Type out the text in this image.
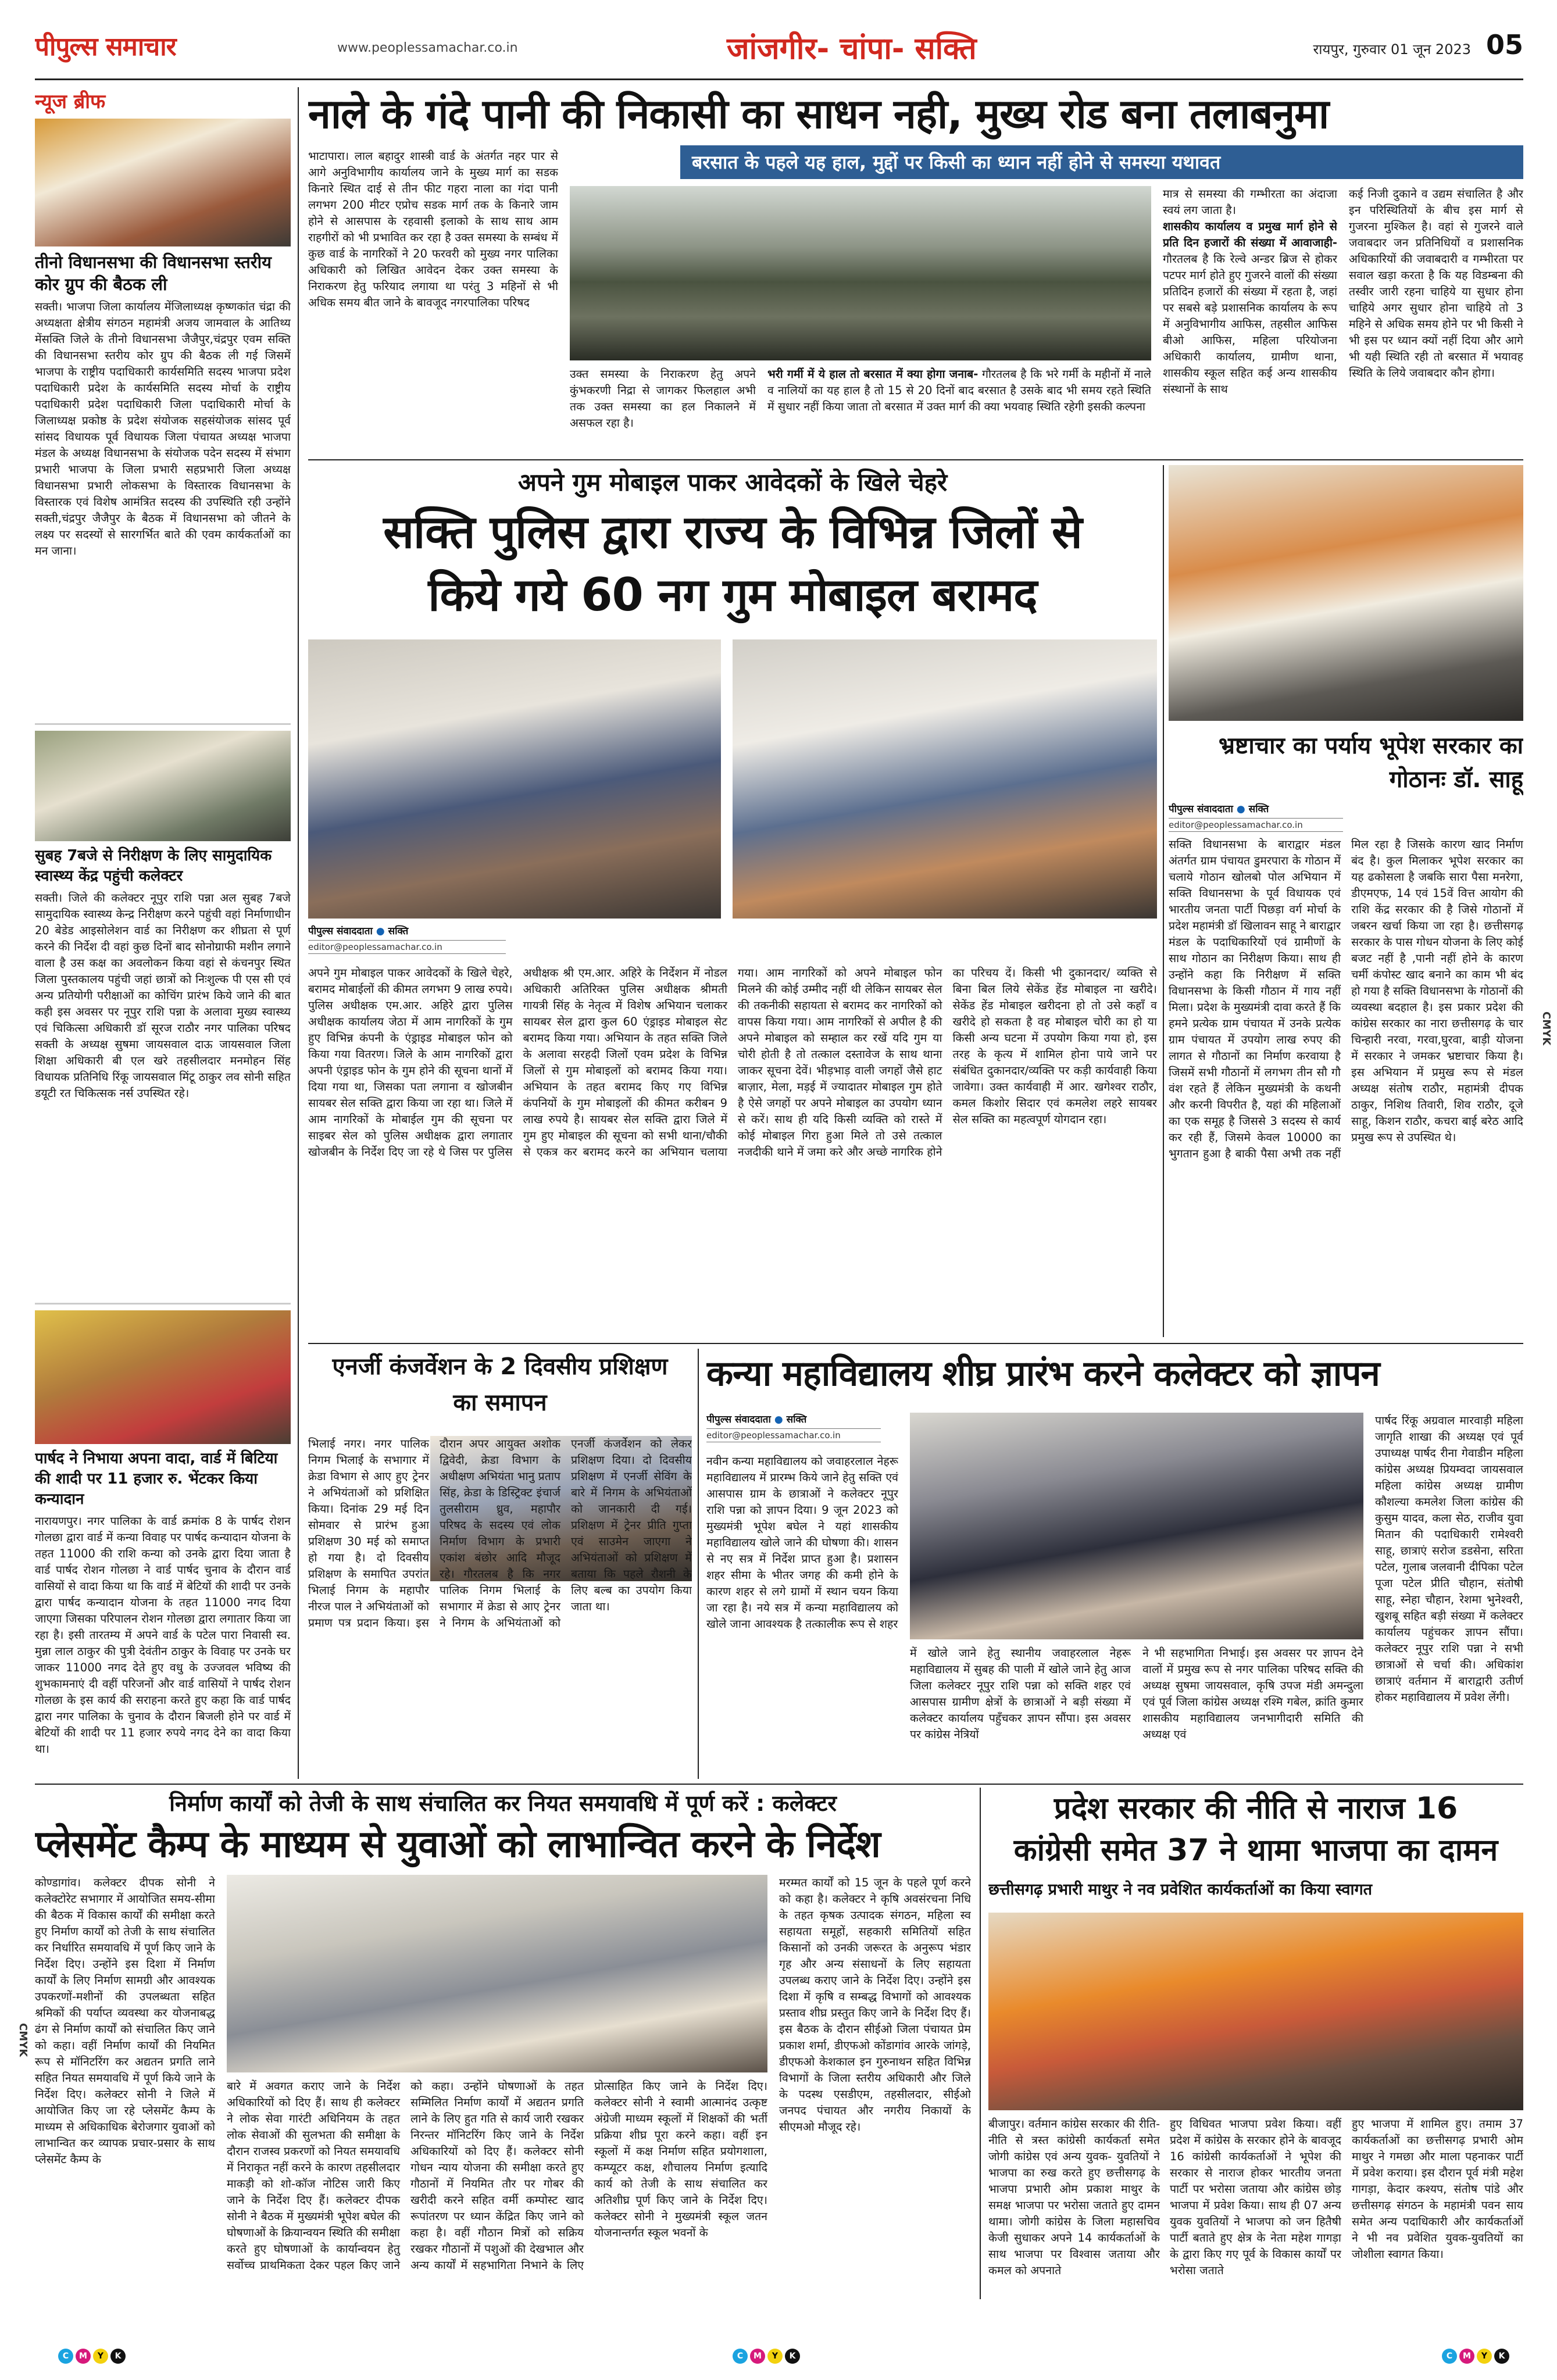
पीपुल्स समाचार	www.peoplessamachar.co.in	जांजगीर- चांपा- सक्ति	रायपुर, गुरुवार 01 जून 2023 05
न्यूज ब्रीफ
तीनो विधानसभा की विधानसभा स्तरीय कोर ग्रुप की बैठक ली
सक्ती। भाजपा जिला कार्यालय मेंजिलाध्यक्ष कृष्णकांत चंद्रा की अध्यक्षता क्षेत्रीय संगठन महामंत्री अजय जामवाल के आतिथ्य मेंसक्ति जिले के तीनो विधानसभा जैजैपुर,चंद्रपुर एवम सक्ति की विधानसभा स्तरीय कोर ग्रुप की बैठक ली गई जिसमें भाजपा के राष्ट्रीय पदाधिकारी कार्यसमिति सदस्य भाजपा प्रदेश पदाधिकारी प्रदेश के कार्यसमिति सदस्य मोर्चा के राष्ट्रीय पदाधिकारी प्रदेश पदाधिकारी जिला पदाधिकारी मोर्चा के जिलाध्यक्ष प्रकोष्ठ के प्रदेश संयोजक सहसंयोजक सांसद पूर्व सांसद विधायक पूर्व विधायक जिला पंचायत अध्यक्ष भाजपा मंडल के अध्यक्ष विधानसभा के संयोजक पदेन सदस्य में संभाग प्रभारी भाजपा के जिला प्रभारी सहप्रभारी जिला अध्यक्ष विधानसभा प्रभारी लोकसभा के विस्तारक विधानसभा के विस्तारक एवं विशेष आमंत्रित सदस्य की उपस्थिति रही उन्होंने सक्ती,चंद्रपुर जैजैपुर के बैठक में विधानसभा को जीतने के लक्ष्य पर सदस्यों से सारगर्भित बाते की एवम कार्यकर्ताओं का मन जाना।
सुबह 7बजे से निरीक्षण के लिए सामुदायिक स्वास्थ्य केंद्र पहुंची कलेक्टर
सक्ती। जिले की कलेक्टर नूपुर राशि पन्ना अल सुबह 7बजे सामुदायिक स्वास्थ्य केन्द्र निरीक्षण करने पहुंची वहां निर्माणाधीन 20 बेडेड आइसोलेशन वार्ड का निरीक्षण कर शीघ्रता से पूर्ण करने की निर्देश दी वहां कुछ दिनों बाद सोनोग्राफी मशीन लगाने वाला है उस कक्ष का अवलोकन किया वहां से कंचनपुर स्थित जिला पुस्तकालय पहुंची जहां छात्रों को निःशुल्क पी एस सी एवं अन्य प्रतियोगी परीक्षाओं का कोचिंग प्रारंभ किये जाने की बात कही इस अवसर पर नूपुर राशि पन्ना के अलावा मुख्य स्वास्थ्य एवं चिकित्सा अधिकारी डॉ सूरज राठौर नगर पालिका परिषद सक्ती के अध्यक्ष सुषमा जायसवाल दाऊ जायसवाल जिला शिक्षा अधिकारी बी एल खरे तहसीलदार मनमोहन सिंह विधायक प्रतिनिधि रिंकू जायसवाल मिंटू ठाकुर लव सोनी सहित डयूटी रत चिकित्सक नर्स उपस्थित रहे।
पार्षद ने निभाया अपना वादा, वार्ड में बिटिया की शादी पर 11 हजार रु. भेंटकर किया कन्यादान
नारायणपुर। नगर पालिका के वार्ड क्रमांक 8 के पार्षद रोशन गोलछा द्वारा वार्ड में कन्या विवाह पर पार्षद कन्यादान योजना के तहत 11000 की राशि कन्या को उनके द्वारा दिया जाता है वार्ड पार्षद रोशन गोलछा ने वार्ड पार्षद चुनाव के दौरान वार्ड वासियों से वादा किया था कि वार्ड में बेटियों की शादी पर उनके द्वारा पार्षद कन्यादान योजना के तहत 11000 नगद दिया जाएगा जिसका परिपालन रोशन गोलछा द्वारा लगातार किया जा रहा है। इसी तारतम्य में अपने वार्ड के पटेल पारा निवासी स्व. मुन्ना लाल ठाकुर की पुत्री देवंतीन ठाकुर के विवाह पर उनके घर जाकर 11000 नगद देते हुए वधु के उज्जवल भविष्य की शुभकामनाएं दी वहीं परिजनों और वार्ड वासियों ने पार्षद रोशन गोलछा के इस कार्य की सराहना करते हुए कहा कि वार्ड पार्षद द्वारा नगर पालिका के चुनाव के दौरान बिजली होने पर वार्ड में बेटियों की शादी पर 11 हजार रुपये नगद देने का वादा किया था।
नाले के गंदे पानी की निकासी का साधन नही, मुख्य रोड बना तलाबनुमा
बरसात के पहले यह हाल, मुद्दों पर किसी का ध्यान नहीं होने से समस्या यथावत
भाटापारा। लाल बहादुर शास्त्री वार्ड के अंतर्गत नहर पार से आगे अनुविभागीय कार्यालय जाने के मुख्य मार्ग का सडक किनारे स्थित दाई से तीन फीट गहरा नाला का गंदा पानी लगभग 200 मीटर एप्रोच सडक मार्ग तक के किनारे जाम होने से आसपास के रहवासी इलाको के साथ साथ आम राहगीरों को भी प्रभावित कर रहा है उक्त समस्या के सम्बंध में कुछ वार्ड के नागरिकों ने 20 फरवरी को मुख्य नगर पालिका अधिकारी को लिखित आवेदन देकर उक्त समस्या के निराकरण हेतु फरियाद लगाया था परंतु 3 महिनों से भी अधिक समय बीत जाने के बावजूद नगरपालिका परिषद
उक्त समस्या के निराकरण हेतु अपने कुंभकरणी निद्रा से जागकर फिलहाल अभी तक उक्त समस्या का हल निकालने में असफल रहा है।
भरी गर्मी में ये हाल तो बरसात में क्या होगा जनाब- गौरतलब है कि भरे गर्मी के महीनों में नाले व नालियों का यह हाल है तो 15 से 20 दिनों बाद बरसात है उसके बाद भी समय रहते स्थिति में सुधार नहीं किया जाता तो बरसात में उक्त मार्ग की क्या भयवाह स्थिति रहेगी इसकी कल्पना
मात्र से समस्या की गम्भीरता का अंदाजा स्वयं लग जाता है।
शासकीय कार्यालय व प्रमुख मार्ग होने से प्रति दिन हजारों की संख्या में आवाजाही- गौरतलब है कि रेल्वे अन्डर ब्रिज से होकर पटपर मार्ग होते हुए गुजरने वालों की संख्या प्रतिदिन हजारों की संख्या में रहता है, जहां पर सबसे बड़े प्रशासनिक कार्यालय के रूप में अनुविभागीय आफिस, तहसील आफिस बीओ आफिस, महिला परियोजना अधिकारी कार्यालय, ग्रामीण थाना, शासकीय स्कूल सहित कई अन्य शासकीय संस्थानों के साथ
कई निजी दुकाने व उद्यम संचालित है और इन परिस्थितियों के बीच इस मार्ग से गुजरना मुश्किल है। वहां से गुजरने वाले जवाबदार जन प्रतिनिधियों व प्रशासनिक अधिकारियों की जवाबदारी व गम्भीरता पर सवाल खड़ा करता है कि यह विडम्बना की तस्वीर जारी रहना चाहिये या सुधार होना चाहिये अगर सुधार होना चाहिये तो 3 महिने से अधिक समय होने पर भी किसी ने भी इस पर ध्यान क्यों नहीं दिया और आगे भी यही स्थिति रही तो बरसात में भयावह स्थिति के लिये जवाबदार कौन होगा।
अपने गुम मोबाइल पाकर आवेदकों के खिले चेहरे
सक्ति पुलिस द्वारा राज्य के विभिन्न जिलों से
किये गये 60 नग गुम मोबाइल बरामद
पीपुल्स संवाददाता ● सक्ति
editor@peoplessamachar.co.in
अपने गुम मोबाइल पाकर आवेदकों के खिले चेहरे, बरामद मोबाईलों की कीमत लगभग 9 लाख रुपये। पुलिस अधीक्षक एम.आर. अहिरे द्वारा पुलिस अधीक्षक कार्यालय जेठा में आम नागरिकों के गुम हुए विभिन्न कंपनी के एंड्राइड मोबाइल फोन को किया गया वितरण। जिले के आम नागरिकों द्वारा अपनी एंड्राइड फोन के गुम होने की सूचना थानों में दिया गया था, जिसका पता लगाना व खोजबीन सायबर सेल सक्ति द्वारा किया जा रहा था। जिले में आम नागरिकों के मोबाईल गुम की सूचना पर साइबर सेल को पुलिस अधीक्षक द्वारा लगातार खोजबीन के निर्देश दिए जा रहे थे जिस पर पुलिस अधीक्षक श्री एम.आर. अहिरे के निर्देशन में नोडल अधिकारी अतिरिक्त पुलिस अधीक्षक श्रीमती गायत्री सिंह के नेतृत्व में विशेष अभियान चलाकर सायबर सेल द्वारा कुल 60 एंड्राइड मोबाइल सेट बरामद किया गया। अभियान के तहत सक्ति जिले के अलावा सरहदी जिलों एवम प्रदेश के विभिन्न जिलों से गुम मोबाइलों को बरामद किया गया। अभियान के तहत बरामद किए गए विभिन्न कंपनियों के गुम मोबाइलों की कीमत करीबन 9 लाख रुपये है। सायबर सेल सक्ति द्वारा जिले में गुम हुए मोबाइल की सूचना को सभी थाना/चौकी से एकत्र कर बरामद करने का अभियान चलाया गया। आम नागरिकों को अपने मोबाइल फोन मिलने की कोई उम्मीद नहीं थी लेकिन सायबर सेल की तकनीकी सहायता से बरामद कर नागरिकों को वापस किया गया। आम नागरिकों से अपील है की अपने मोबाइल को सम्हाल कर रखें यदि गुम या चोरी होती है तो तत्काल दस्तावेज के साथ थाना जाकर सूचना देवें। भीड़भाड़ वाली जगहों जैसे हाट बाज़ार, मेला, मड़ई में ज्यादातर मोबाइल गुम होते है ऐसे जगहों पर अपने मोबाइल का उपयोग ध्यान से करें। साथ ही यदि किसी व्यक्ति को रास्ते में कोई मोबाइल गिरा हुआ मिले तो उसे तत्काल नजदीकी थाने में जमा करे और अच्छे नागरिक होने का परिचय दें। किसी भी दुकानदार/ व्यक्ति से बिना बिल लिये सेकेंड हेंड मोबाइल ना खरीदे। सेकेंड हेंड मोबाइल खरीदना हो तो उसे कहाँ व खरीदे हो सकता है वह मोबाइल चोरी का हो या किसी अन्य घटना में उपयोग किया गया हो, इस तरह के कृत्य में शामिल होना पाये जाने पर संबंधित दुकानदार/व्यक्ति पर कड़ी कार्यवाही किया जावेगा। उक्त कार्यवाही में आर. खगेश्वर राठौर, कमल किशोर सिदार एवं कमलेश लहरे सायबर सेल सक्ति का महत्वपूर्ण योगदान रहा।
भ्रष्टाचार का पर्याय भूपेश सरकार का गोठानः डॉ. साहू
पीपुल्स संवाददाता ● सक्ति
editor@peoplessamachar.co.in
सक्ति विधानसभा के बाराद्वार मंडल अंतर्गत ग्राम पंचायत डुमरपारा के गोठान में चलाये गोठान खोलबो पोल अभियान में सक्ति विधानसभा के पूर्व विधायक एवं भारतीय जनता पार्टी पिछड़ा वर्ग मोर्चा के प्रदेश महामंत्री डॉ खिलावन साहू ने बाराद्वार मंडल के पदाधिकारियों एवं ग्रामीणों के साथ गोठान का निरीक्षण किया। साथ ही उन्होंने कहा कि निरीक्षण में सक्ति विधानसभा के किसी गौठान में गाय नहीं मिला। प्रदेश के मुख्यमंत्री दावा करते हैं कि हमने प्रत्येक ग्राम पंचायत में उनके प्रत्येक ग्राम पंचायत में उपयोग लाख रुपए की लागत से गौठानों का निर्माण करवाया है जिसमें सभी गौठानों में लगभग तीन सौ गौ वंश रहते हैं लेकिन मुख्यमंत्री के कथनी और करनी विपरीत है, यहां की महिलाओं का एक समूह है जिससे 3 सदस्य से कार्य कर रही हैं, जिसमे केवल 10000 का भुगतान हुआ है बाकी पैसा अभी तक नहीं मिल रहा है जिसके कारण खाद निर्माण बंद है। कुल मिलाकर भूपेश सरकार का यह ढकोसला है जबकि सारा पैसा मनरेगा, डीएमएफ, 14 एवं 15वें वित्त आयोग की राशि केंद्र सरकार की है जिसे गोठानों में जबरन खर्चा किया जा रहा है। छत्तीसगढ़ सरकार के पास गोधन योजना के लिए कोई बजट नहीं है ,पानी नहीं होने के कारण चर्मी कंपोस्ट खाद बनाने का काम भी बंद हो गया है सक्ति विधानसभा के गोठानों की व्यवस्था बदहाल है। इस प्रकार प्रदेश की कांग्रेस सरकार का नारा छत्तीसगढ़ के चार चिन्हारी नरवा, गरवा,घुरवा, बाड़ी योजना में सरकार ने जमकर भ्रष्टाचार किया है। इस अभियान में प्रमुख रूप से मंडल अध्यक्ष संतोष राठौर, महामंत्री दीपक ठाकुर, निशिथ तिवारी, शिव राठौर, दूजे साहू, किशन राठौर, कचरा बाई बरेठ आदि प्रमुख रूप से उपस्थित थे।
CMYK
CMYK
एनर्जी कंजर्वेशन के 2 दिवसीय प्रशिक्षण का समापन
भिलाई नगर। नगर पालिक निगम भिलाई के सभागार में क्रेडा विभाग से आए हुए ट्रेनर ने अभियंताओं को प्रशिक्षित किया। दिनांक 29 मई दिन सोमवार से प्रारंभ हुआ प्रशिक्षण 30 मई को समाप्त हो गया है। दो दिवसीय प्रशिक्षण के समापित उपरांत भिलाई निगम के महापौर नीरज पाल ने अभियंताओं को प्रमाण पत्र प्रदान किया। इस दौरान अपर आयुक्त अशोक द्विवेदी, क्रेडा विभाग के अधीक्षण अभियंता भानु प्रताप सिंह, क्रेडा के डिस्ट्रिक्ट इंचार्ज तुलसीराम ध्रुव, महापौर परिषद के सदस्य एवं लोक निर्माण विभाग के प्रभारी एकांश बंछोर आदि मौजूद रहे। गौरतलब है कि नगर पालिक निगम भिलाई के सभागार में क्रेडा से आए ट्रेनर ने निगम के अभियंताओं को एनर्जी कंजर्वेशन को लेकर प्रशिक्षण दिया। दो दिवसीय प्रशिक्षण में एनर्जी सेविंग के बारे में निगम के अभियंताओं को जानकारी दी गई। प्रशिक्षण में ट्रेनर प्रीति गुप्ता एवं साउमेन जाएगा ने अभियंताओं को प्रशिक्षण में बताया कि पहले रौशनी के लिए बल्ब का उपयोग किया जाता था।
कन्या महाविद्यालय शीघ्र प्रारंभ करने कलेक्टर को ज्ञापन
पीपुल्स संवाददाता ● सक्ति
editor@peoplessamachar.co.in
नवीन कन्या महाविद्यालय को जवाहरलाल नेहरू महाविद्यालय में प्रारम्भ किये जाने हेतु सक्ति एवं आसपास ग्राम के छात्राओं ने कलेक्टर नूपुर राशि पन्ना को ज्ञापन दिया। 9 जून 2023 को मुख्यमंत्री भूपेश बघेल ने यहां शासकीय महाविद्यालय खोले जाने की घोषणा की। शासन से नए सत्र में निर्देश प्राप्त हुआ है। प्रशासन शहर सीमा के भीतर जगह की कमी होने के कारण शहर से लगे ग्रामों में स्थान चयन किया जा रहा है। नये सत्र में कन्या महाविद्यालय को खोले जाना आवश्यक है तत्कालीक रूप से शहर
में खोले जाने हेतु स्थानीय जवाहरलाल नेहरू महाविद्यालय में सुबह की पाली में खोले जाने हेतु आज जिला कलेक्टर नूपुर राशि पन्ना को सक्ति शहर एवं आसपास ग्रामीण क्षेत्रों के छात्राओं ने बड़ी संख्या में कलेक्टर कार्यालय पहुँचकर ज्ञापन सौंपा। इस अवसर पर कांग्रेस नेत्रियों
ने भी सहभागिता निभाई। इस अवसर पर ज्ञापन देने वालों में प्रमुख रूप से नगर पालिका परिषद सक्ति की अध्यक्ष सुषमा जायसवाल, कृषि उपज मंडी अमन्दुला एवं पूर्व जिला कांग्रेस अध्यक्ष रश्मि गबेल, क्रांति कुमार शासकीय महाविद्यालय जनभागीदारी समिति की अध्यक्ष एवं
पार्षद रिंकू अग्रवाल मारवाड़ी महिला जागृति शाखा की अध्यक्ष एवं पूर्व उपाध्यक्ष पार्षद रीना गेवाडीन महिला कांग्रेस अध्यक्ष प्रियम्वदा जायसवाल महिला कांग्रेस अध्यक्ष ग्रामीण कौशल्या कमलेश जिला कांग्रेस की कुसुम यादव, कला सेठ, राजीव युवा मितान की पदाधिकारी रामेश्वरी साहू, छात्राएं सरोज डडसेना, सरिता पटेल, गुलाब जलवानी दीपिका पटेल पूजा पटेल प्रीति चौहान, संतोषी साहू, स्नेहा चौहान, रेशमा भुनेश्वरी, खुशबू सहित बड़ी संख्या में कलेक्टर कार्यालय पहुंचकर ज्ञापन सौंपा। कलेक्टर नूपुर राशि पन्ना ने सभी छात्राओं से चर्चा की। अधिकांश छात्राएं वर्तमान में बाराद्वारी उतीर्ण होकर महाविद्यालय में प्रवेश लेंगी।
निर्माण कार्यों को तेजी के साथ संचालित कर नियत समयावधि में पूर्ण करें : कलेक्टर
प्लेसमेंट कैम्प के माध्यम से युवाओं को लाभान्वित करने के निर्देश
कोण्डागांव। कलेक्टर दीपक सोनी ने कलेक्टोरेट सभागार में आयोजित समय-सीमा की बैठक में विकास कार्यों की समीक्षा करते हुए निर्माण कार्यों को तेजी के साथ संचालित कर निर्धारित समयावधि में पूर्ण किए जाने के निर्देश दिए। उन्होंने इस दिशा में निर्माण कार्यों के लिए निर्माण सामग्री और आवश्यक उपकरणों-मशीनों की उपलब्धता सहित श्रमिकों की पर्याप्त व्यवस्था कर योजनाबद्ध ढंग से निर्माण कार्यों को संचालित किए जाने को कहा। वहीं निर्माण कार्यों की नियमित रूप से मॉनिटरिंग कर अद्यतन प्रगति लाने सहित नियत समयावधि में पूर्ण किये जाने के निर्देश दिए। कलेक्टर सोनी ने जिले में आयोजित किए जा रहे प्लेसमेंट कैम्प के माध्यम से अधिकाधिक बेरोजगार युवाओं को लाभान्वित कर व्यापक प्रचार-प्रसार के साथ प्लेसमेंट कैम्प के
बारे में अवगत कराए जाने के निर्देश अधिकारियों को दिए हैं। साथ ही कलेक्टर ने लोक सेवा गारंटी अधिनियम के तहत लोक सेवाओं की सुलभता की समीक्षा के दौरान राजस्व प्रकरणों को नियत समयावधि में निराकृत नहीं करने के कारण तहसीलदार माकड़ी को शो-कॉज नोटिस जारी किए जाने के निर्देश दिए हैं। कलेक्टर दीपक सोनी ने बैठक में मुख्यमंत्री भूपेश बघेल की घोषणाओं के क्रियान्वयन स्थिति की समीक्षा करते हुए घोषणाओं के कार्यान्वयन हेतु सर्वोच्च प्राथमिकता देकर पहल किए जाने को कहा। उन्होंने घोषणाओं के तहत सम्मिलित निर्माण कार्यों में अद्यतन प्रगति लाने के लिए हुत गति से कार्य जारी रखकर निरन्तर मॉनिटरिंग किए जाने के निर्देश अधिकारियों को दिए हैं। कलेक्टर सोनी गोधन न्याय योजना की समीक्षा करते हुए गौठानों में नियमित तौर पर गोबर की खरीदी करने सहित वर्मी कम्पोस्ट खाद रूपांतरण पर ध्यान केंद्रित किए जाने को कहा है। वहीं गौठान मित्रों को सक्रिय रखकर गौठानों में पशुओं की देखभाल और अन्य कार्यों में सहभागिता निभाने के लिए प्रोत्साहित किए जाने के निर्देश दिए। कलेक्टर सोनी ने स्वामी आत्मानंद उत्कृष्ट अंग्रेजी माध्यम स्कूलों में शिक्षकों की भर्ती प्रक्रिया शीघ्र पूरा करने कहा। वहीं इन स्कूलों में कक्ष निर्माण सहित प्रयोगशाला, कम्प्यूटर कक्ष, शौचालय निर्माण इत्यादि कार्य को तेजी के साथ संचालित कर अतिशीघ्र पूर्ण किए जाने के निर्देश दिए। कलेक्टर सोनी ने मुख्यमंत्री स्कूल जतन योजनान्तर्गत स्कूल भवनों के
मरम्मत कार्यों को 15 जून के पहले पूर्ण करने को कहा है। कलेक्टर ने कृषि अवसंरचना निधि के तहत कृषक उत्पादक संगठन, महिला स्व सहायता समूहों, सहकारी समितियों सहित किसानों को उनकी जरूरत के अनुरूप भंडार गृह और अन्य संसाधनों के लिए सहायता उपलब्ध कराए जाने के निर्देश दिए। उन्होंने इस दिशा में कृषि व सम्बद्ध विभागों को आवश्यक प्रस्ताव शीघ्र प्रस्तुत किए जाने के निर्देश दिए हैं। इस बैठक के दौरान सीईओ जिला पंचायत प्रेम प्रकाश शर्मा, डीएफओ कोंडागांव आरके जांगड़े, डीएफओ केशकाल इन गुरुनाथन सहित विभिन्न विभागों के जिला स्तरीय अधिकारी और जिले के पदस्थ एसडीएम, तहसीलदार, सीईओ जनपद पंचायत और नगरीय निकायों के सीएमओ मौजूद रहे।
प्रदेश सरकार की नीति से नाराज 16
कांग्रेसी समेत 37 ने थामा भाजपा का दामन
छत्तीसगढ़ प्रभारी माथुर ने नव प्रवेशित कार्यकर्ताओं का किया स्वागत
बीजापुर। वर्तमान कांग्रेस सरकार की रीति- नीति से त्रस्त कांग्रेसी कार्यकर्ता समेत जोगी कांग्रेस एवं अन्य युवक- युवतियों ने भाजपा का रुख करते हुए छत्तीसगढ़ के भाजपा प्रभारी ओम प्रकाश माथुर के समक्ष भाजपा पर भरोसा जताते हुए दामन थामा। जोगी कांग्रेस के जिला महासचिव केजी सुधाकर अपने 14 कार्यकर्ताओं के साथ भाजपा पर विश्वास जताया और कमल को अपनाते
हुए विधिवत भाजपा प्रवेश किया। वहीं प्रदेश में कांग्रेस के सरकार होने के बावजूद 16 कांग्रेसी कार्यकर्ताओं ने भूपेश की सरकार से नाराज होकर भारतीय जनता पार्टी पर भरोसा जताया और कांग्रेस छोड़ भाजपा में प्रवेश किया। साथ ही 07 अन्य युवक युवतियों ने भाजपा को जन हितैषी पार्टी बताते हुए क्षेत्र के नेता महेश गागड़ा के द्वारा किए गए पूर्व के विकास कार्यों पर भरोसा जताते
हुए भाजपा में शामिल हुए। तमाम 37 कार्यकर्ताओं का छत्तीसगढ़ प्रभारी ओम माथुर ने गमछा और माला पहनाकर पार्टी में प्रवेश कराया। इस दौरान पूर्व मंत्री महेश गागड़ा, केदार कश्यप, संतोष पांडे और छत्तीसगढ़ संगठन के महामंत्री पवन साय समेत अन्य पदाधिकारी और कार्यकर्ताओं ने भी नव प्रवेशित युवक-युवतियों का जोशीला स्वागत किया।
C	M	Y	K	C	M	Y	K	C	M	Y	K
